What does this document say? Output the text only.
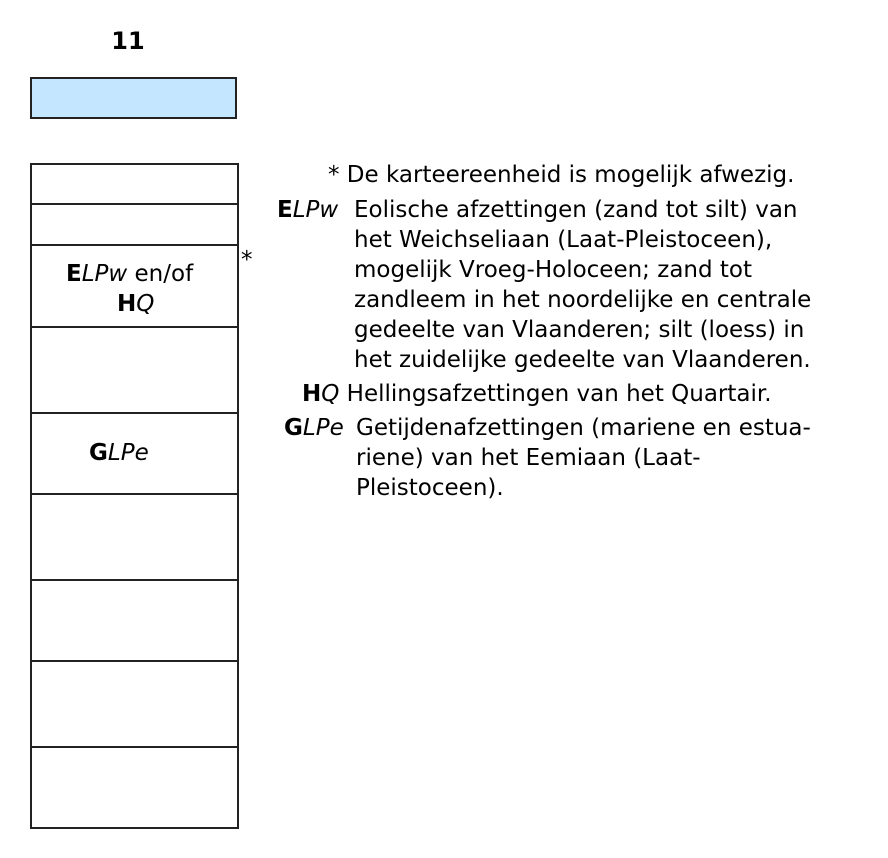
11
ELPw en/of
HQ
GLPe
*
* De karteereenheid is mogelijk afwezig.
ELPw Eolische afzettingen (zand tot silt) van
het Weichseliaan (Laat-Pleistoceen),
mogelijk Vroeg-Holoceen; zand tot
zandleem in het noordelijke en centrale
gedeelte van Vlaanderen; silt (loess) in
het zuidelijke gedeelte van Vlaanderen.
HQ Hellingsafzettingen van het Quartair.
GLPe Getijdenafzettingen (mariene en estua-
riene) van het Eemiaan (Laat-
Pleistoceen).
